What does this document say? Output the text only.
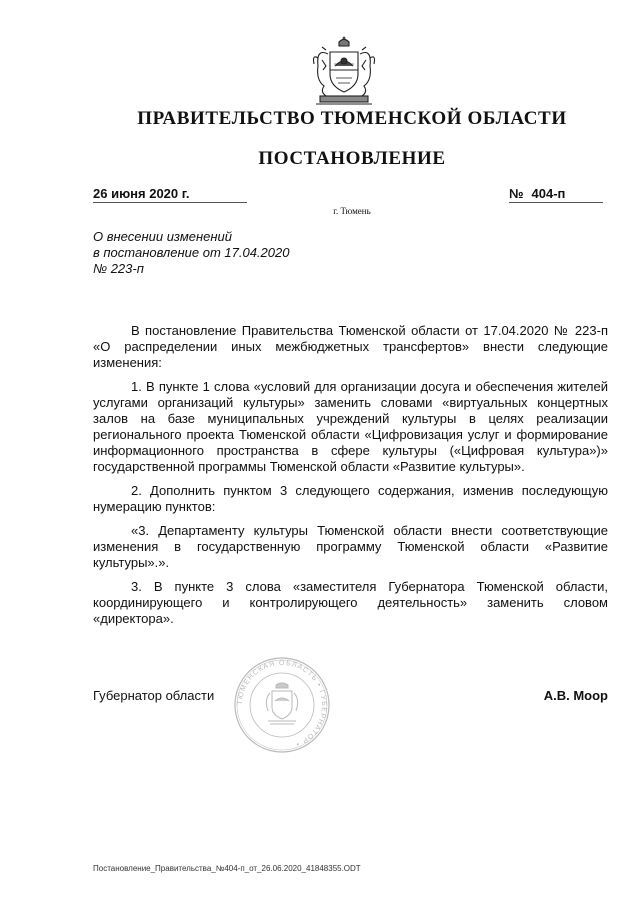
ПРАВИТЕЛЬСТВО ТЮМЕНСКОЙ ОБЛАСТИ
ПОСТАНОВЛЕНИЕ
26 июня 2020 г.	№ 404-п
г. Тюмень
О внесении изменений
в постановление от 17.04.2020
№ 223-п

В постановление Правительства Тюменской области от 17.04.2020 № 223-п «О распределении иных межбюджетных трансфертов» внести следующие изменения:

1. В пункте 1 слова «условий для организации досуга и обеспечения жителей услугами организаций культуры» заменить словами «виртуальных концертных залов на базе муниципальных учреждений культуры в целях реализации регионального проекта Тюменской области «Цифровизация услуг и формирование информационного пространства в сфере культуры («Цифровая культура»)» государственной программы Тюменской области «Развитие культуры».

2. Дополнить пунктом 3 следующего содержания, изменив последующую нумерацию пунктов:

«3. Департаменту культуры Тюменской области внести соответствующие изменения в государственную программу Тюменской области «Развитие культуры».».

3. В пункте 3 слова «заместителя Губернатора Тюменской области, координирующего и контролирующего деятельность» заменить словом «директора».

ТЮМЕНСКАЯ ОБЛАСТЬ • ГУБЕРНАТОР •
Губернатор области	А.В. Моор
Постановление_Правительства_№404-п_от_26.06.2020_41848355.ODT
